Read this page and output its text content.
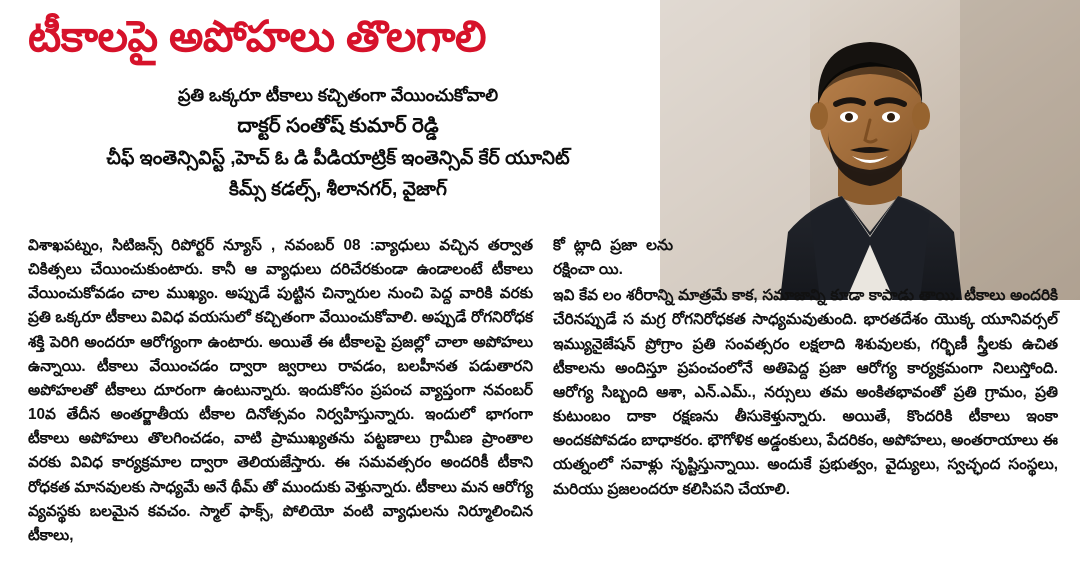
టీకాలపై అపోహలు తొలగాలి
ప్రతి ఒక్కరూ టీకాలు కచ్చితంగా వేయించుకోవాలి
దాక్టర్ సంతోష్ కుమార్ రెడ్డి
చీఫ్ ఇంతెన్సివిస్ట్ ,హెచ్ ఓ డి పీడియాట్రిక్ ఇంతెన్సివ్ కేర్ యూనిట్
కిమ్స్ కడల్స్, శీలానగర్, వైజాగ్

విశాఖపట్నం, సిటిజన్స్ రిపోర్టర్ న్యూస్ , నవంబర్ 08 :వ్యాధులు వచ్చిన తర్వాత చికిత్సలు చేయించుకుంటారు. కానీ ఆ వ్యాధులు దరిచేరకుండా ఉండాలంటే టీకాలు వేయించుకోవడం చాల ముఖ్యం. అప్పుడే పుట్టిన చిన్నారుల నుంచి పెద్ద వారికి వరకు ప్రతి ఒక్కరూ టీకాలు వివిధ వయసులో కచ్చితంగా వేయించుకోవాలి. అప్పుడే రోగనిరోధక శక్తి పెరిగి అందరూ ఆరోగ్యంగా ఉంటారు. అయితే ఈ టీకాలపై ప్రజల్లో చాలా అపోహలు ఉన్నాయి. టీకాలు వేయించడం ద్వారా జ్వరాలు రావడం, బలహీనత పడుతారని అపోహలతో టీకాలు దూరంగా ఉంటున్నారు. ఇందుకోసం ప్రపంచ వ్యాప్తంగా నవంబర్ 10వ తేదీన అంతర్జాతీయ టీకాల దినోత్సవం నిర్వహిస్తున్నారు. ఇందులో భాగంగా టీకాలు అపోహలు తొలగించడం, వాటి ప్రాముఖ్యతను పట్టణాలు గ్రామీణ ప్రాంతాల వరకు వివిధ కార్యక్రమాల ద్వారా తెలియజేస్తారు. ఈ సమవత్సరం అందరికీ టీకాని రోధకత మానవులకు సాధ్యమే అనే థీమ్ తో ముందుకు వెళ్తున్నారు. టీకాలు మన ఆరోగ్య వ్యవస్థకు బలమైన కవచం. స్మాల్ ఫాక్స్, పోలియో వంటి వ్యాధులను నిర్మూలించిన టీకాలు,

కో ట్లాది ప్రజా లను రక్షించా యి.
ఇవి కేవ లం శరీరాన్ని మాత్రమే కాక, సమాజాన్ని కూడా కాపాడు తాయి. టీకాలు అందరికి చేరినప్పుడే స మగ్ర రోగనిరోధకత సాధ్యమవుతుంది. భారతదేశం యొక్క యూనివర్సల్ ఇమ్యునైజేషన్ ప్రోగ్రాం ప్రతి సంవత్సరం లక్షలాది శిశువులకు, గర్భిణీ స్త్రీలకు ఉచిత టీకాలను అందిస్తూ ప్రపంచంలోనే అతిపెద్ద ప్రజా ఆరోగ్య కార్యక్రమంగా నిలుస్తోంది. ఆరోగ్య సిబ్బంది ఆశా, ఎన్.ఎమ్., నర్సులు తమ అంకితభావంతో ప్రతి గ్రామం, ప్రతి కుటుంబం దాకా రక్షణను తీసుకెళ్తున్నారు. అయితే, కొందరికి టీకాలు ఇంకా అందకపోవడం బాధాకరం. భౌగోళిక అడ్డంకులు, పేదరికం, అపోహలు, అంతరాయాలు ఈ యత్నంలో సవాళ్లు సృష్టిస్తున్నాయి. అందుకే ప్రభుత్వం, వైద్యులు, స్వచ్ఛంద సంస్థలు, మరియు ప్రజలందరూ కలిసిపని చేయాలి.
